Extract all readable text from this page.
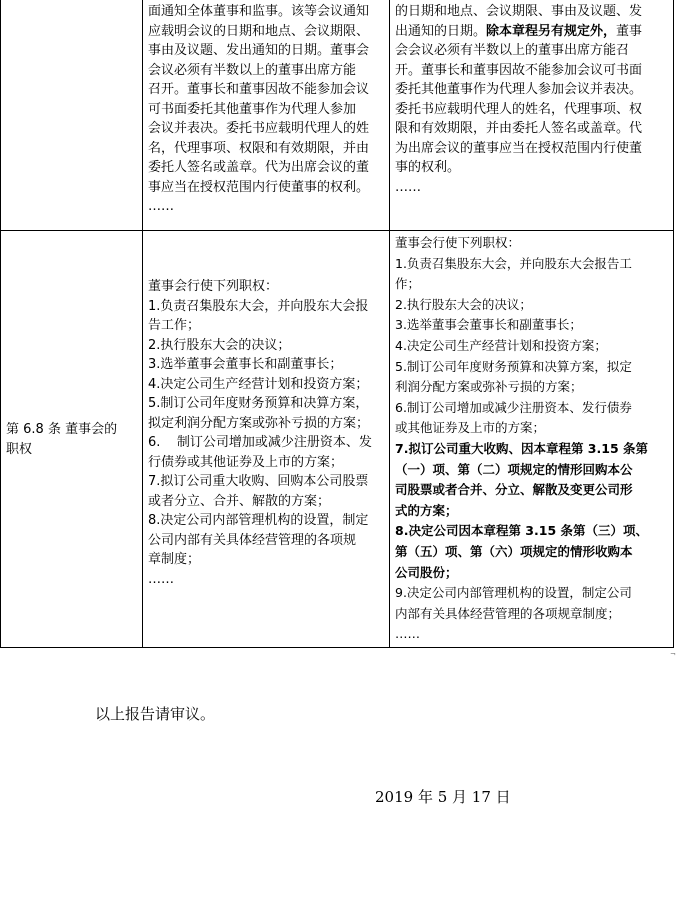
面通知全体董事和监事。该等会议通知

应载明会议的日期和地点、会议期限、

事由及议题、发出通知的日期。董事会

会议必须有半数以上的董事出席方能

召开。董事长和董事因故不能参加会议

可书面委托其他董事作为代理人参加

会议并表决。委托书应载明代理人的姓

名，代理事项、权限和有效期限，并由

委托人签名或盖章。代为出席会议的董

事应当在授权范围内行使董事的权利。

……

的日期和地点、会议期限、事由及议题、发

出通知的日期。除本章程另有规定外，董事

会会议必须有半数以上的董事出席方能召

开。董事长和董事因故不能参加会议可书面

委托其他董事作为代理人参加会议并表决。

委托书应载明代理人的姓名，代理事项、权

限和有效期限，并由委托人签名或盖章。代

为出席会议的董事应当在授权范围内行使董

事的权利。

……

第 6.8 条 董事会的

职权

董事会行使下列职权：

1.负责召集股东大会，并向股东大会报

告工作；

2.执行股东大会的决议；

3.选举董事会董事长和副董事长；

4.决定公司生产经营计划和投资方案；

5.制订公司年度财务预算和决算方案，

拟定利润分配方案或弥补亏损的方案；

6.    制订公司增加或减少注册资本、发

行债券或其他证券及上市的方案；

7.拟订公司重大收购、回购本公司股票

或者分立、合并、解散的方案；

8.决定公司内部管理机构的设置，制定

公司内部有关具体经营管理的各项规

章制度；

……

董事会行使下列职权：

1.负责召集股东大会，并向股东大会报告工

作；

2.执行股东大会的决议；

3.选举董事会董事长和副董事长；

4.决定公司生产经营计划和投资方案；

5.制订公司年度财务预算和决算方案，拟定

利润分配方案或弥补亏损的方案；

6.制订公司增加或减少注册资本、发行债券

或其他证券及上市的方案；

7.拟订公司重大收购、因本章程第 3.15 条第

（一）项、第（二）项规定的情形回购本公

司股票或者合并、分立、解散及变更公司形

式的方案；

8.决定公司因本章程第 3.15 条第（三）项、

第（五）项、第（六）项规定的情形收购本

公司股份；

9.决定公司内部管理机构的设置，制定公司

内部有关具体经营管理的各项规章制度；

……

¬
以上报告请审议。
2019 年 5 月 17 日
